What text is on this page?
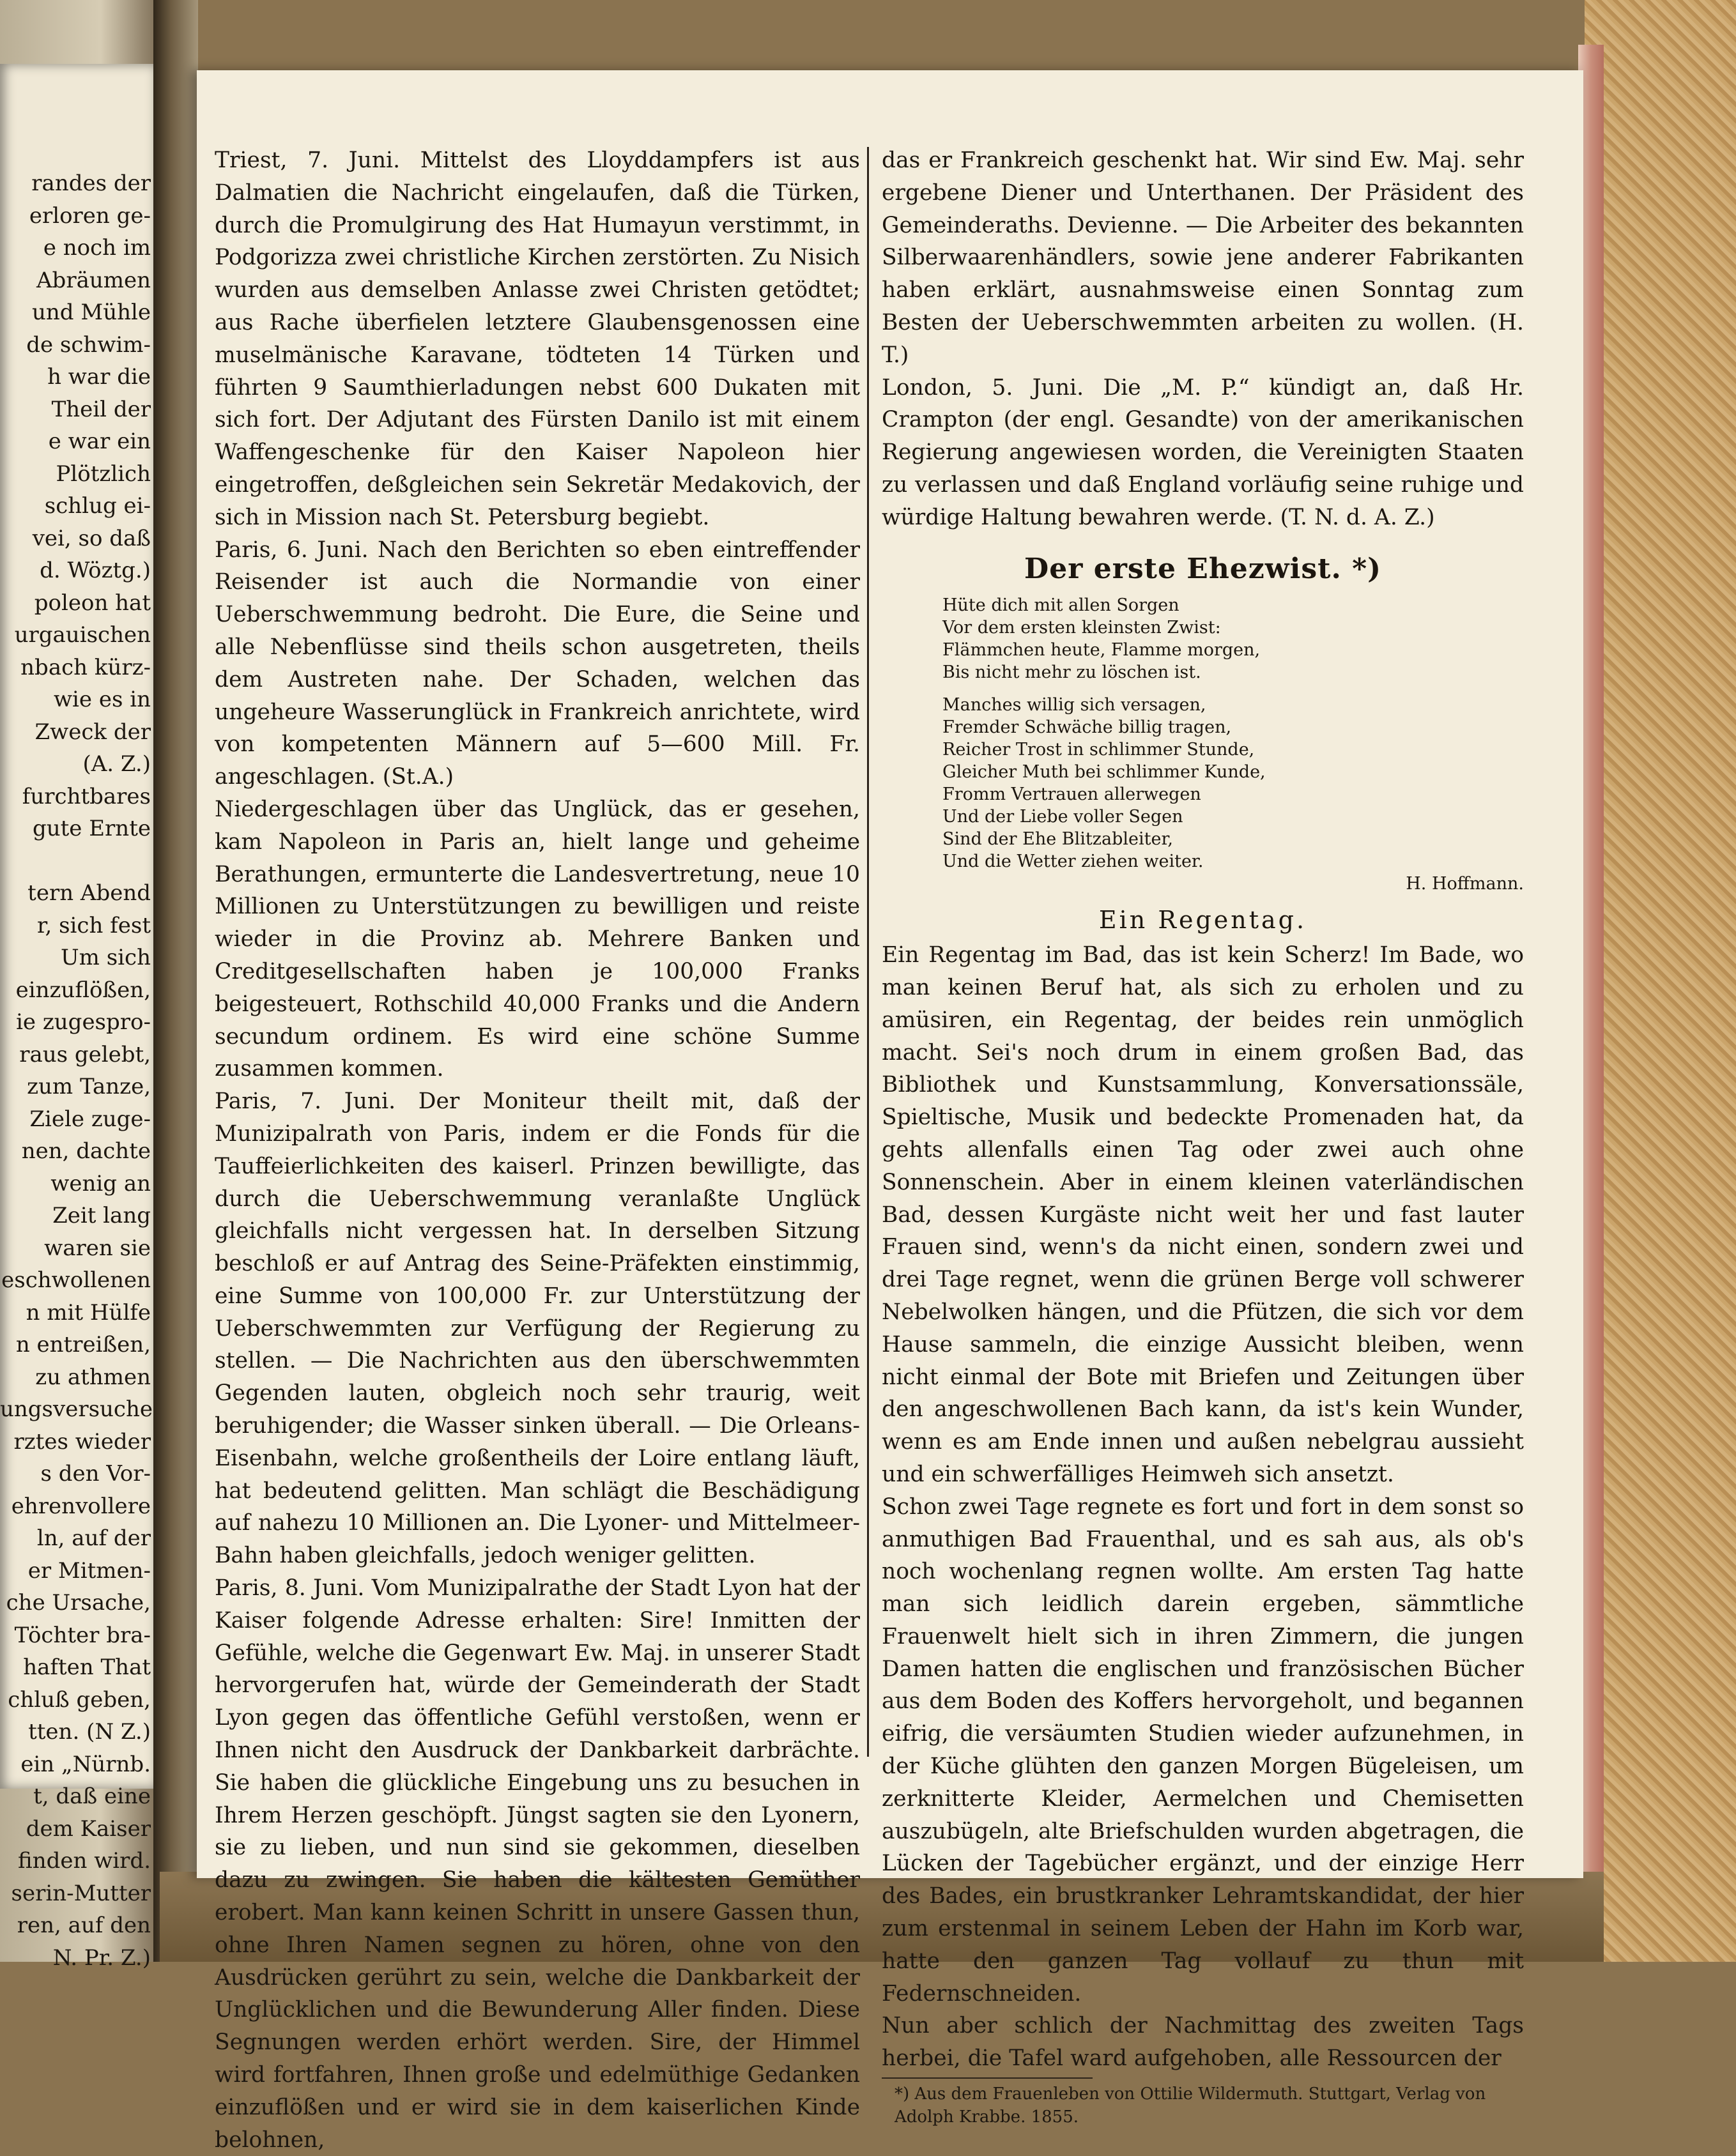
randes der
erloren ge-
e noch im
Abräumen
und Mühle
de schwim-
h war die
Theil der
e war ein
Plötzlich
schlug ei-
vei, so daß
d. Wöztg.)
poleon hat
urgauischen
nbach kürz-
wie es in
Zweck der
(A. Z.)
furchtbares
gute Ernte

tern Abend
r, sich fest
Um sich
einzuflößen,
ie zugespro-
raus gelebt,
zum Tanze,
Ziele zuge-
nen, dachte
wenig an
Zeit lang
waren sie
eschwollenen
n mit Hülfe
n entreißen,
zu athmen
ungsversuche
rztes wieder
s den Vor-
ehrenvollere
ln, auf der
er Mitmen-
che Ursache,
Töchter bra-
haften That
chluß geben,
tten. (N Z.)
ein „Nürnb.
t, daß eine
dem Kaiser
finden wird.
serin-Mutter
ren, auf den
N. Pr. Z.)

Triest, 7. Juni. Mittelst des Lloyddampfers ist aus Dalmatien die Nachricht eingelaufen, daß die Türken, durch die Promulgirung des Hat Humayun verstimmt, in Podgorizza zwei christliche Kirchen zerstörten. Zu Nisich wurden aus demselben Anlasse zwei Christen getödtet; aus Rache überfielen letztere Glaubensgenossen eine muselmänische Karavane, tödteten 14 Türken und führten 9 Saumthierladungen nebst 600 Dukaten mit sich fort. Der Adjutant des Fürsten Danilo ist mit einem Waffengeschenke für den Kaiser Napoleon hier eingetroffen, deßgleichen sein Sekretär Medakovich, der sich in Mission nach St. Petersburg begiebt.

Paris, 6. Juni. Nach den Berichten so eben eintreffender Reisender ist auch die Normandie von einer Ueberschwemmung bedroht. Die Eure, die Seine und alle Nebenflüsse sind theils schon ausgetreten, theils dem Austreten nahe. Der Schaden, welchen das ungeheure Wasserunglück in Frankreich anrichtete, wird von kompetenten Männern auf 5—600 Mill. Fr. angeschlagen. (St.A.)

Niedergeschlagen über das Unglück, das er gesehen, kam Napoleon in Paris an, hielt lange und geheime Berathungen, ermunterte die Landesvertretung, neue 10 Millionen zu Unterstützungen zu bewilligen und reiste wieder in die Provinz ab. Mehrere Banken und Creditgesellschaften haben je 100,000 Franks beigesteuert, Rothschild 40,000 Franks und die Andern secundum ordinem. Es wird eine schöne Summe zusammen kommen.

Paris, 7. Juni. Der Moniteur theilt mit, daß der Munizipalrath von Paris, indem er die Fonds für die Tauffeierlichkeiten des kaiserl. Prinzen bewilligte, das durch die Ueberschwemmung veranlaßte Unglück gleichfalls nicht vergessen hat. In derselben Sitzung beschloß er auf Antrag des Seine-Präfekten einstimmig, eine Summe von 100,000 Fr. zur Unterstützung der Ueberschwemmten zur Verfügung der Regierung zu stellen. — Die Nachrichten aus den überschwemmten Gegenden lauten, obgleich noch sehr traurig, weit beruhigender; die Wasser sinken überall. — Die Orleans-Eisenbahn, welche großentheils der Loire entlang läuft, hat bedeutend gelitten. Man schlägt die Beschädigung auf nahezu 10 Millionen an. Die Lyoner- und Mittelmeer-Bahn haben gleichfalls, jedoch weniger gelitten.

Paris, 8. Juni. Vom Munizipalrathe der Stadt Lyon hat der Kaiser folgende Adresse erhalten: Sire! Inmitten der Gefühle, welche die Gegenwart Ew. Maj. in unserer Stadt hervorgerufen hat, würde der Gemeinderath der Stadt Lyon gegen das öffentliche Gefühl verstoßen, wenn er Ihnen nicht den Ausdruck der Dankbarkeit darbrächte. Sie haben die glückliche Eingebung uns zu besuchen in Ihrem Herzen geschöpft. Jüngst sagten sie den Lyonern, sie zu lieben, und nun sind sie gekommen, dieselben dazu zu zwingen. Sie haben die kältesten Gemüther erobert. Man kann keinen Schritt in unsere Gassen thun, ohne Ihren Namen segnen zu hören, ohne von den Ausdrücken gerührt zu sein, welche die Dankbarkeit der Unglücklichen und die Bewunderung Aller finden. Diese Segnungen werden erhört werden. Sire, der Himmel wird fortfahren, Ihnen große und edelmüthige Gedanken einzuflößen und er wird sie in dem kaiserlichen Kinde belohnen,

das er Frankreich geschenkt hat. Wir sind Ew. Maj. sehr ergebene Diener und Unterthanen. Der Präsident des Gemeinderaths. Devienne. — Die Arbeiter des bekannten Silberwaarenhändlers, sowie jene anderer Fabrikanten haben erklärt, ausnahmsweise einen Sonntag zum Besten der Ueberschwemmten arbeiten zu wollen. (H. T.)

London, 5. Juni. Die „M. P.“ kündigt an, daß Hr. Crampton (der engl. Gesandte) von der amerikanischen Regierung angewiesen worden, die Vereinigten Staaten zu verlassen und daß England vorläufig seine ruhige und würdige Haltung bewahren werde. (T. N. d. A. Z.)

Der erste Ehezwist. *)
Hüte dich mit allen Sorgen
Vor dem ersten kleinsten Zwist:
Flämmchen heute, Flamme morgen,
Bis nicht mehr zu löschen ist.
Manches willig sich versagen,
Fremder Schwäche billig tragen,
Reicher Trost in schlimmer Stunde,
Gleicher Muth bei schlimmer Kunde,
Fromm Vertrauen allerwegen
Und der Liebe voller Segen
Sind der Ehe Blitzableiter,
Und die Wetter ziehen weiter.
H. Hoffmann.
Ein Regentag.

Ein Regentag im Bad, das ist kein Scherz! Im Bade, wo man keinen Beruf hat, als sich zu erholen und zu amüsiren, ein Regentag, der beides rein unmöglich macht. Sei's noch drum in einem großen Bad, das Bibliothek und Kunstsammlung, Konversationssäle, Spieltische, Musik und bedeckte Promenaden hat, da gehts allenfalls einen Tag oder zwei auch ohne Sonnenschein. Aber in einem kleinen vaterländischen Bad, dessen Kurgäste nicht weit her und fast lauter Frauen sind, wenn's da nicht einen, sondern zwei und drei Tage regnet, wenn die grünen Berge voll schwerer Nebelwolken hängen, und die Pfützen, die sich vor dem Hause sammeln, die einzige Aussicht bleiben, wenn nicht einmal der Bote mit Briefen und Zeitungen über den angeschwollenen Bach kann, da ist's kein Wunder, wenn es am Ende innen und außen nebelgrau aussieht und ein schwerfälliges Heimweh sich ansetzt.

Schon zwei Tage regnete es fort und fort in dem sonst so anmuthigen Bad Frauenthal, und es sah aus, als ob's noch wochenlang regnen wollte. Am ersten Tag hatte man sich leidlich darein ergeben, sämmtliche Frauenwelt hielt sich in ihren Zimmern, die jungen Damen hatten die englischen und französischen Bücher aus dem Boden des Koffers hervorgeholt, und begannen eifrig, die versäumten Studien wieder aufzunehmen, in der Küche glühten den ganzen Morgen Bügeleisen, um zerknitterte Kleider, Aermelchen und Chemisetten auszubügeln, alte Briefschulden wurden abgetragen, die Lücken der Tagebücher ergänzt, und der einzige Herr des Bades, ein brustkranker Lehramtskandidat, der hier zum erstenmal in seinem Leben der Hahn im Korb war, hatte den ganzen Tag vollauf zu thun mit Federnschneiden.

Nun aber schlich der Nachmittag des zweiten Tags herbei, die Tafel ward aufgehoben, alle Ressourcen der

*) Aus dem Frauenleben von Ottilie Wildermuth. Stuttgart, Verlag von Adolph Krabbe. 1855.
